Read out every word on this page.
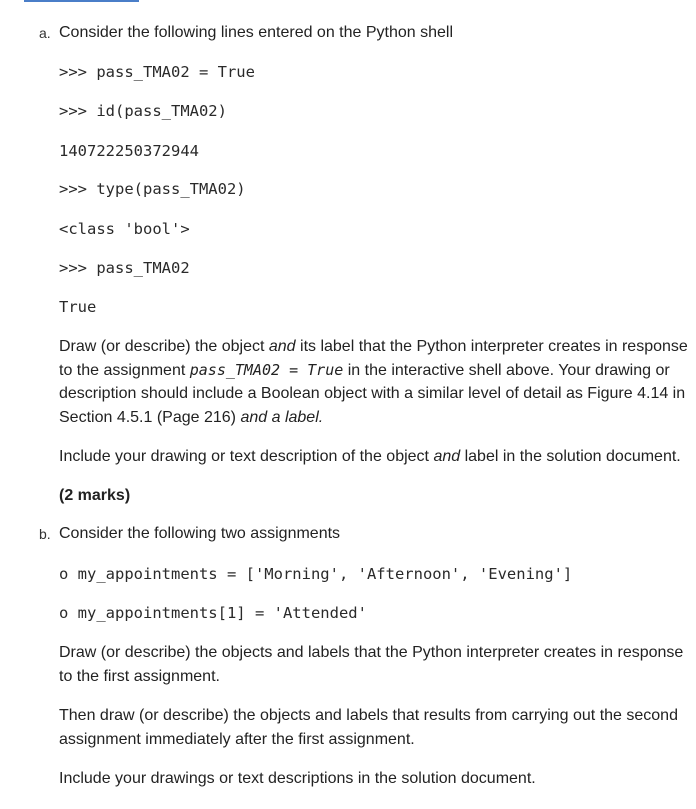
a. Consider the following lines entered on the Python shell
>>> pass_TMA02 = True
>>> id(pass_TMA02)
140722250372944
>>> type(pass_TMA02)
<class 'bool'>
>>> pass_TMA02
True
Draw (or describe) the object and its label that the Python interpreter creates in response to the assignment pass_TMA02 = True in the interactive shell above. Your drawing or description should include a Boolean object with a similar level of detail as Figure 4.14 in Section 4.5.1 (Page 216) and a label.
Include your drawing or text description of the object and label in the solution document.
(2 marks)
b. Consider the following two assignments
o my_appointments = ['Morning', 'Afternoon', 'Evening']
o my_appointments[1] = 'Attended'
Draw (or describe) the objects and labels that the Python interpreter creates in response to the first assignment.
Then draw (or describe) the objects and labels that results from carrying out the second assignment immediately after the first assignment.
Include your drawings or text descriptions in the solution document.
